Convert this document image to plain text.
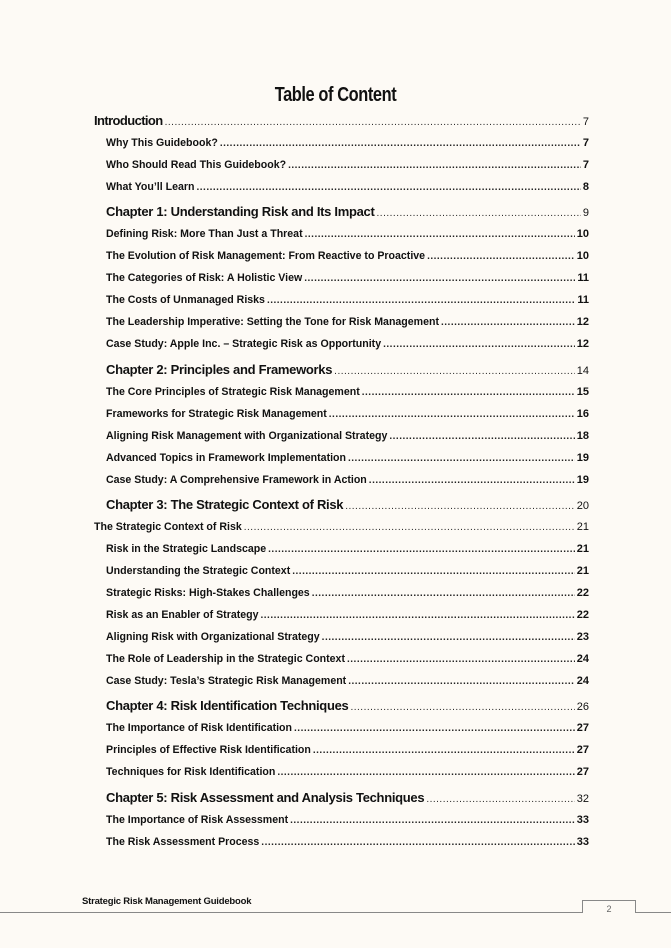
Table of Content
Introduction .....	7
Why This Guidebook? .....	7
Who Should Read This Guidebook? .....	7
What You’ll Learn .....	8
Chapter 1: Understanding Risk and Its Impact .....	9
Defining Risk: More Than Just a Threat .....	10
The Evolution of Risk Management: From Reactive to Proactive .....	10
The Categories of Risk: A Holistic View .....	11
The Costs of Unmanaged Risks .....	11
The Leadership Imperative: Setting the Tone for Risk Management .....	12
Case Study: Apple Inc. – Strategic Risk as Opportunity .....	12
Chapter 2: Principles and Frameworks .....	14
The Core Principles of Strategic Risk Management .....	15
Frameworks for Strategic Risk Management .....	16
Aligning Risk Management with Organizational Strategy .....	18
Advanced Topics in Framework Implementation .....	19
Case Study: A Comprehensive Framework in Action .....	19
Chapter 3: The Strategic Context of Risk .....	20
The Strategic Context of Risk .....	21
Risk in the Strategic Landscape .....	21
Understanding the Strategic Context .....	21
Strategic Risks: High-Stakes Challenges .....	22
Risk as an Enabler of Strategy .....	22
Aligning Risk with Organizational Strategy .....	23
The Role of Leadership in the Strategic Context .....	24
Case Study: Tesla’s Strategic Risk Management .....	24
Chapter 4: Risk Identification Techniques .....	26
The Importance of Risk Identification .....	27
Principles of Effective Risk Identification .....	27
Techniques for Risk Identification .....	27
Chapter 5: Risk Assessment and Analysis Techniques .....	32
The Importance of Risk Assessment .....	33
The Risk Assessment Process .....	33
Strategic Risk Management Guidebook
2
